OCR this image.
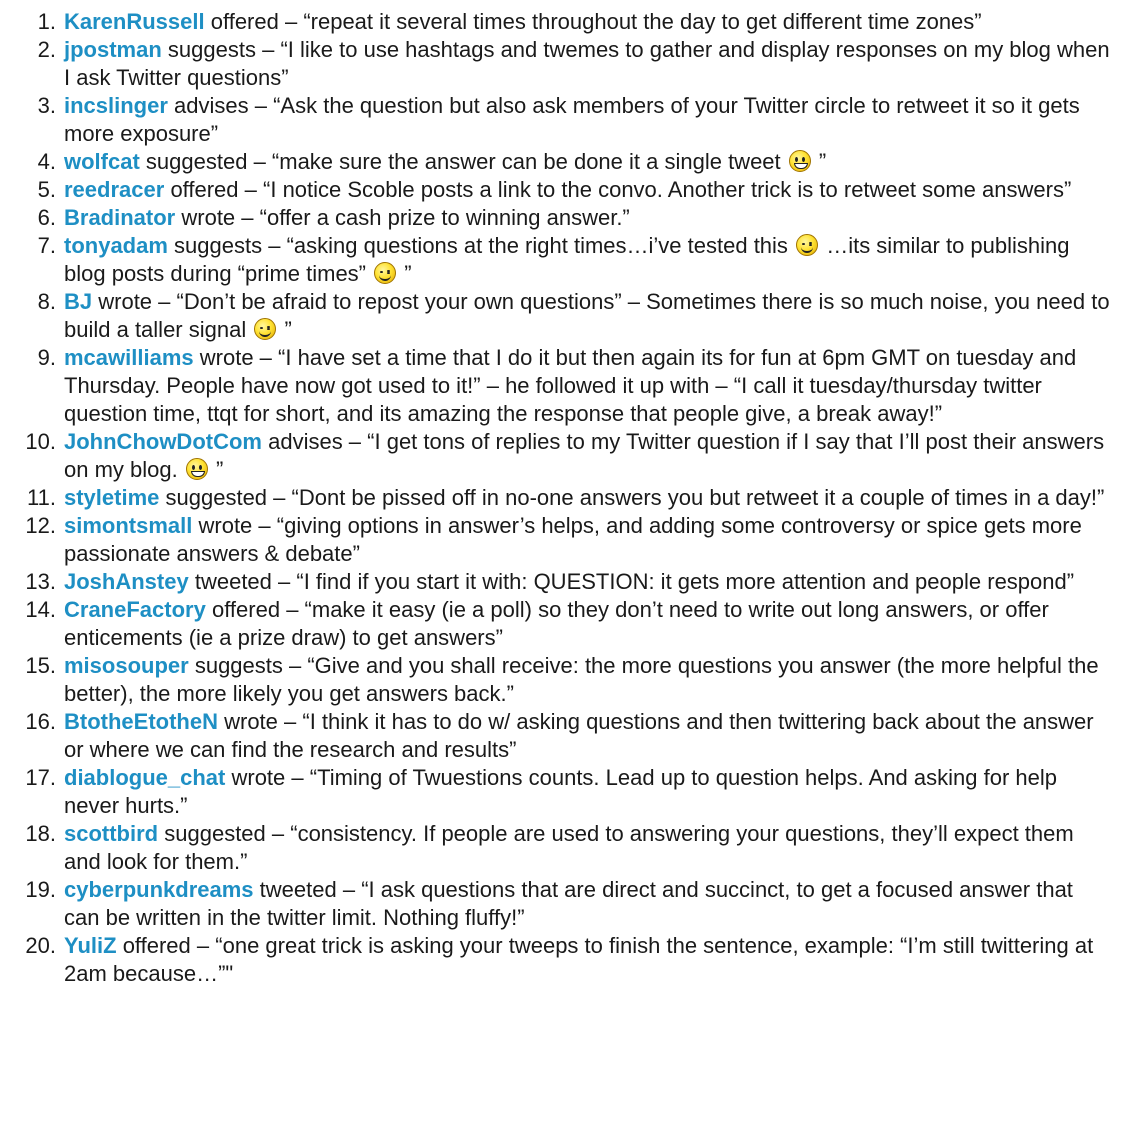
1. KarenRussell offered – “repeat it several times throughout the day to get different time zones”
2. jpostman suggests – “I like to use hashtags and twemes to gather and display responses on my blog when I ask Twitter questions”
3. incslinger advises – “Ask the question but also ask members of your Twitter circle to retweet it so it gets more exposure”
4. wolfcat suggested – “make sure the answer can be done it a single tweet ”
5. reedracer offered – “I notice Scoble posts a link to the convo. Another trick is to retweet some answers”
6. Bradinator wrote – “offer a cash prize to winning answer.”
7. tonyadam suggests – “asking questions at the right times…i’ve tested this …its similar to publishing blog posts during “prime times” ”
8. BJ wrote – “Don’t be afraid to repost your own questions” – Sometimes there is so much noise, you need to build a taller signal ”
9. mcawilliams wrote – “I have set a time that I do it but then again its for fun at 6pm GMT on tuesday and Thursday. People have now got used to it!” – he followed it up with – “I call it tuesday/thursday twitter question time, ttqt for short, and its amazing the response that people give, a break away!”
10. JohnChowDotCom advises – “I get tons of replies to my Twitter question if I say that I’ll post their answers on my blog. ”
11. styletime suggested – “Dont be pissed off in no-one answers you but retweet it a couple of times in a day!”
12. simontsmall wrote – “giving options in answer’s helps, and adding some controversy or spice gets more passionate answers & debate”
13. JoshAnstey tweeted – “I find if you start it with: QUESTION: it gets more attention and people respond”
14. CraneFactory offered – “make it easy (ie a poll) so they don’t need to write out long answers, or offer enticements (ie a prize draw) to get answers”
15. misosouper suggests – “Give and you shall receive: the more questions you answer (the more helpful the better), the more likely you get answers back.”
16. BtotheEtotheN wrote – “I think it has to do w/ asking questions and then twittering back about the answer or where we can find the research and results”
17. diablogue_chat wrote – “Timing of Twuestions counts. Lead up to question helps. And asking for help never hurts.”
18. scottbird suggested – “consistency. If people are used to answering your questions, they’ll expect them and look for them.”
19. cyberpunkdreams tweeted – “I ask questions that are direct and succinct, to get a focused answer that can be written in the twitter limit. Nothing fluffy!”
20. YuliZ offered – “one great trick is asking your tweeps to finish the sentence, example: “I’m still twittering at 2am because…”"
